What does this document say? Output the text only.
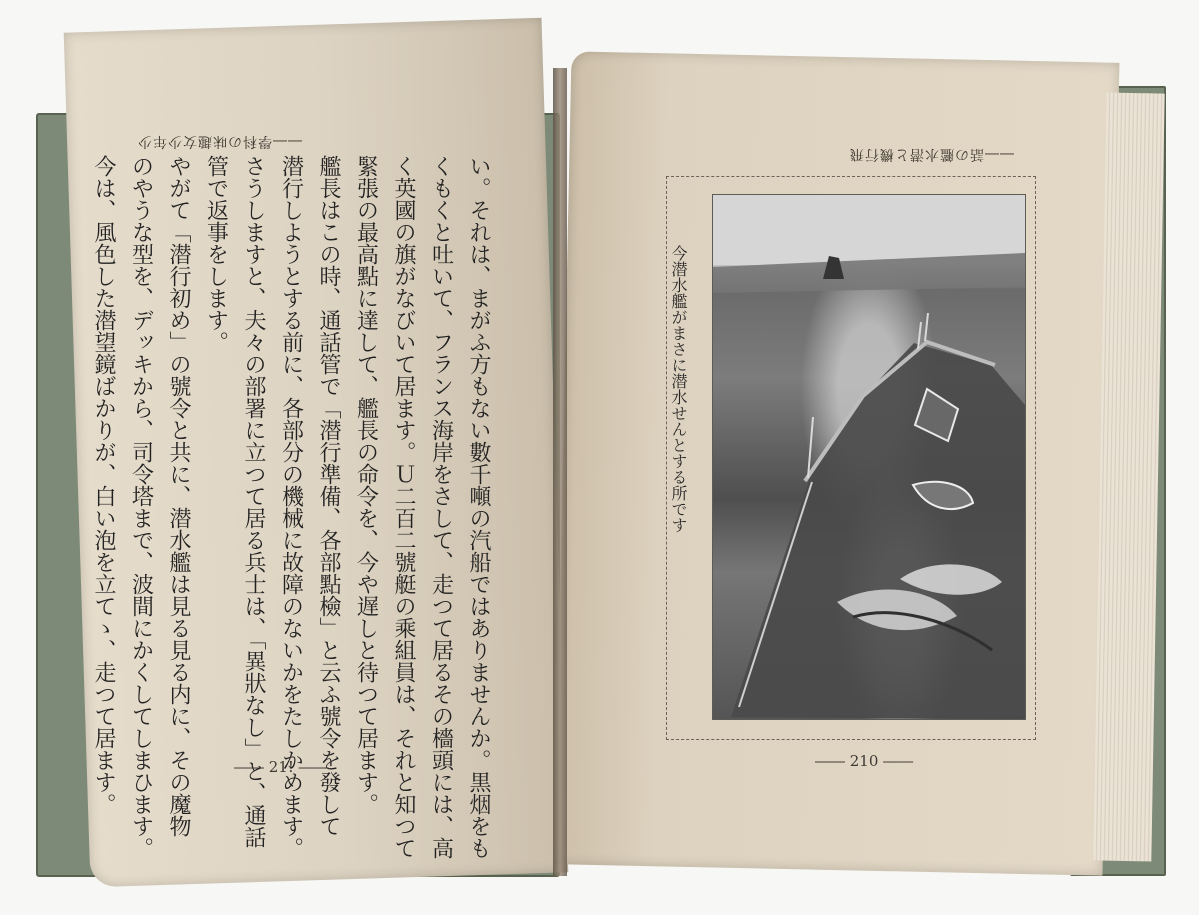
――學科の味趣女少年少

い。それは、まがふ方もない數千噸の汽船ではありませんか。黒烟をも

くもくと吐いて、フランス海岸をさして、走つて居るその檣頭には、高

く英國の旗がなびいて居ます。Ｕ二百二號艇の乘組員は、それと知つて

緊張の最高點に達して、艦長の命令を、今や遅しと待つて居ます。

艦長はこの時、通話管で「潜行準備、各部點檢」と云ふ號令を發して

潜行しようとする前に、各部分の機械に故障のないかをたしかめます。

さうしますと、夫々の部署に立つて居る兵士は、「異狀なし」と、通話

管で返事をします。

やがて「潜行初め」の號令と共に、潜水艦は見る見る内に、その魔物

のやうな型を、デッキから、司令塔まで、波間にかくしてしまひます。

今は、風色した潜望鏡ばかりが、白い泡を立てゝ、走つて居ます。	―― 21! ――
――話の艦水潜と機行飛
今潜水艦がまさに潜水せんとする所です
―― 210 ――
